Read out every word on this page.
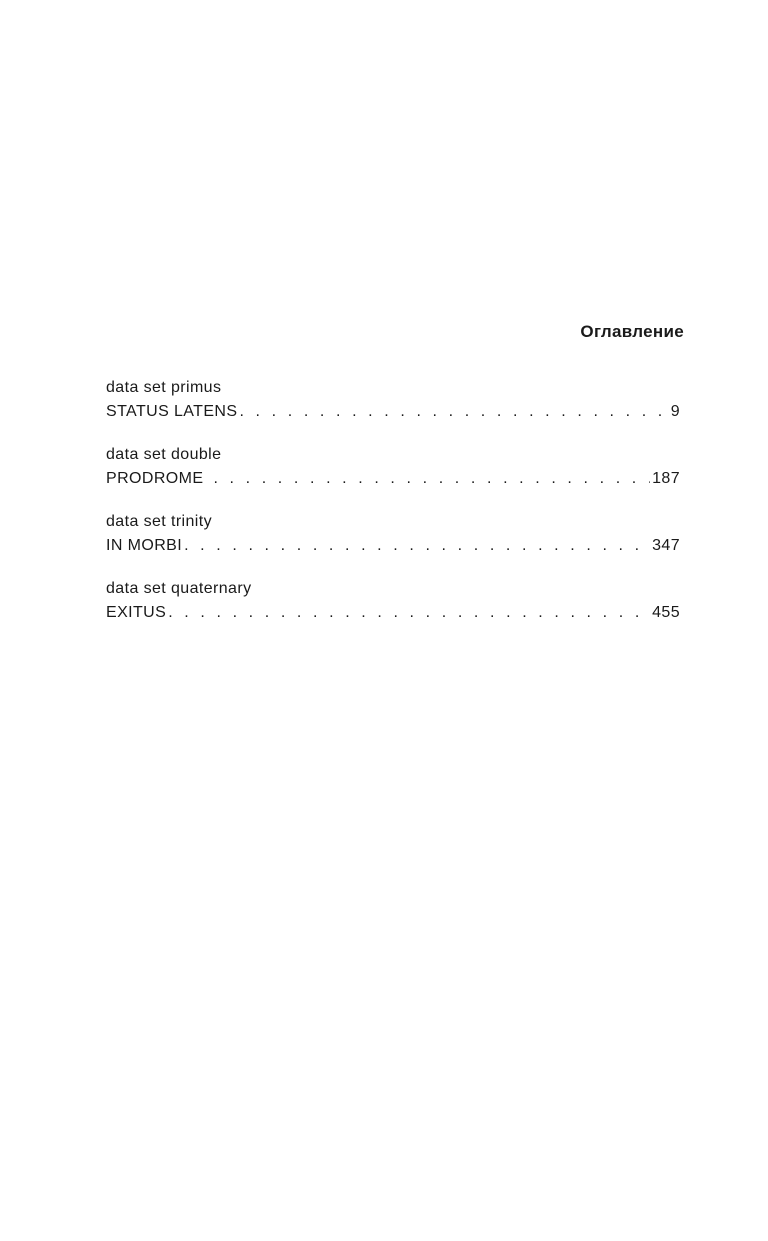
Оглавление
data set primus
STATUS LATENS . . .	9
data set double
PRODROME . . .	187
data set trinity
IN MORBI . . .	347
data set quaternary
EXITUS . . .	455
